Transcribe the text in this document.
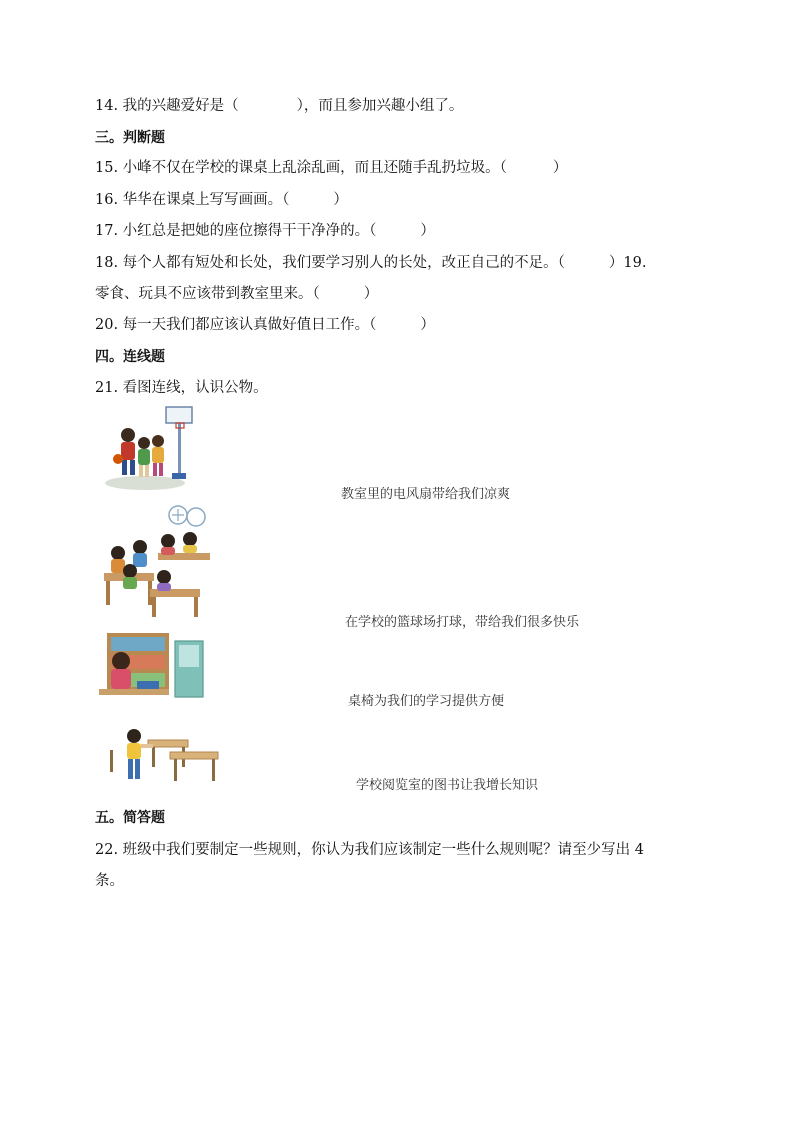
14. 我的兴趣爱好是（	），而且参加兴趣小组了。
三。判断题
15. 小峰不仅在学校的课桌上乱涂乱画，而且还随手乱扔垃圾。（	）
16. 华华在课桌上写写画画。（	）
17. 小红总是把她的座位擦得干干净净的。（	）
18. 每个人都有短处和长处，我们要学习别人的长处，改正自己的不足。（	）19.
零食、玩具不应该带到教室里来。（	）
20. 每一天我们都应该认真做好值日工作。（	）
四。连线题
21. 看图连线，认识公物。
教室里的电风扇带给我们凉爽
在学校的篮球场打球，带给我们很多快乐
桌椅为我们的学习提供方便
学校阅览室的图书让我增长知识
五。简答题
22. 班级中我们要制定一些规则，你认为我们应该制定一些什么规则呢？请至少写出 4
条。
